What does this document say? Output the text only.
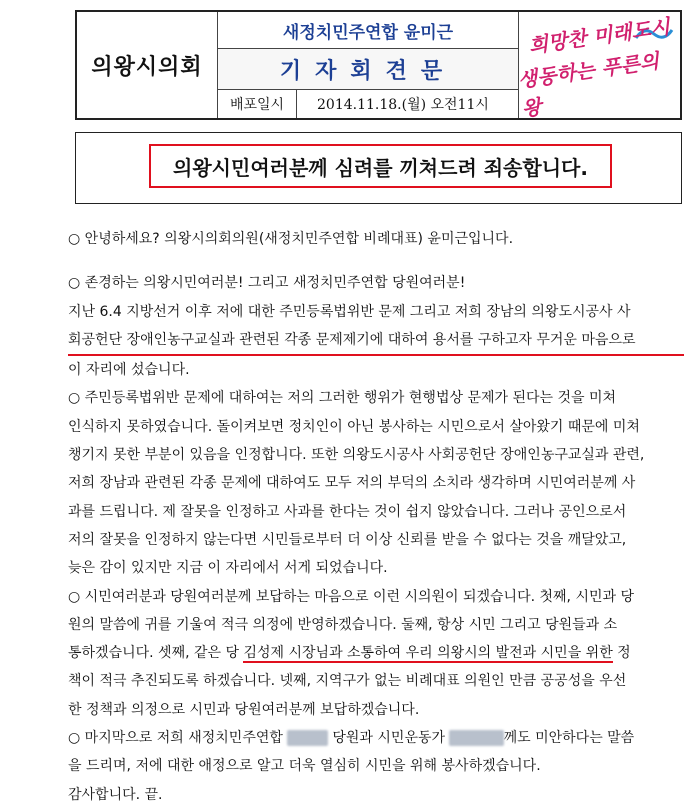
의왕시의회
새정치민주연합 윤미근
기자회견문
배포일시	2014.11.18.(월) 오전11시
희망찬 미래도시
생동하는 푸른의왕
의왕시민여러분께 심려를 끼쳐드려 죄송합니다.

○ 안녕하세요? 의왕시의회의원(새정치민주연합 비례대표) 윤미근입니다.

○ 존경하는 의왕시민여러분! 그리고 새정치민주연합 당원여러분!

지난 6.4 지방선거 이후 저에 대한 주민등록법위반 문제 그리고 저희 장남의 의왕도시공사 사

회공헌단 장애인농구교실과 관련된 각종 문제제기에 대하여 용서를 구하고자 무거운 마음으로

이 자리에 섰습니다.

○ 주민등록법위반 문제에 대하여는 저의 그러한 행위가 현행법상 문제가 된다는 것을 미쳐

인식하지 못하였습니다. 돌이켜보면 정치인이 아닌 봉사하는 시민으로서 살아왔기 때문에 미쳐

챙기지 못한 부분이 있음을 인정합니다. 또한 의왕도시공사 사회공헌단 장애인농구교실과 관련,

저희 장남과 관련된 각종 문제에 대하여도 모두 저의 부덕의 소치라 생각하며 시민여러분께 사

과를 드립니다. 제 잘못을 인정하고 사과를 한다는 것이 쉽지 않았습니다. 그러나 공인으로서

저의 잘못을 인정하지 않는다면 시민들로부터 더 이상 신뢰를 받을 수 없다는 것을 깨달았고,

늦은 감이 있지만 지금 이 자리에서 서게 되었습니다.

○ 시민여러분과 당원여러분께 보답하는 마음으로 이런 시의원이 되겠습니다. 첫째, 시민과 당

원의 말씀에 귀를 기울여 적극 의정에 반영하겠습니다. 둘째, 항상 시민 그리고 당원들과 소

통하겠습니다. 셋째, 같은 당 김성제 시장님과 소통하여 우리 의왕시의 발전과 시민을 위한 정

책이 적극 추진되도록 하겠습니다. 넷째, 지역구가 없는 비례대표 의원인 만큼 공공성을 우선

한 정책과 의정으로 시민과 당원여러분께 보답하겠습니다.

○ 마지막으로 저희 새정치민주연합	당원과 시민운동가	께도 미안하다는 말씀

을 드리며, 저에 대한 애정으로 알고 더욱 열심히 시민을 위해 봉사하겠습니다.

감사합니다. 끝.
